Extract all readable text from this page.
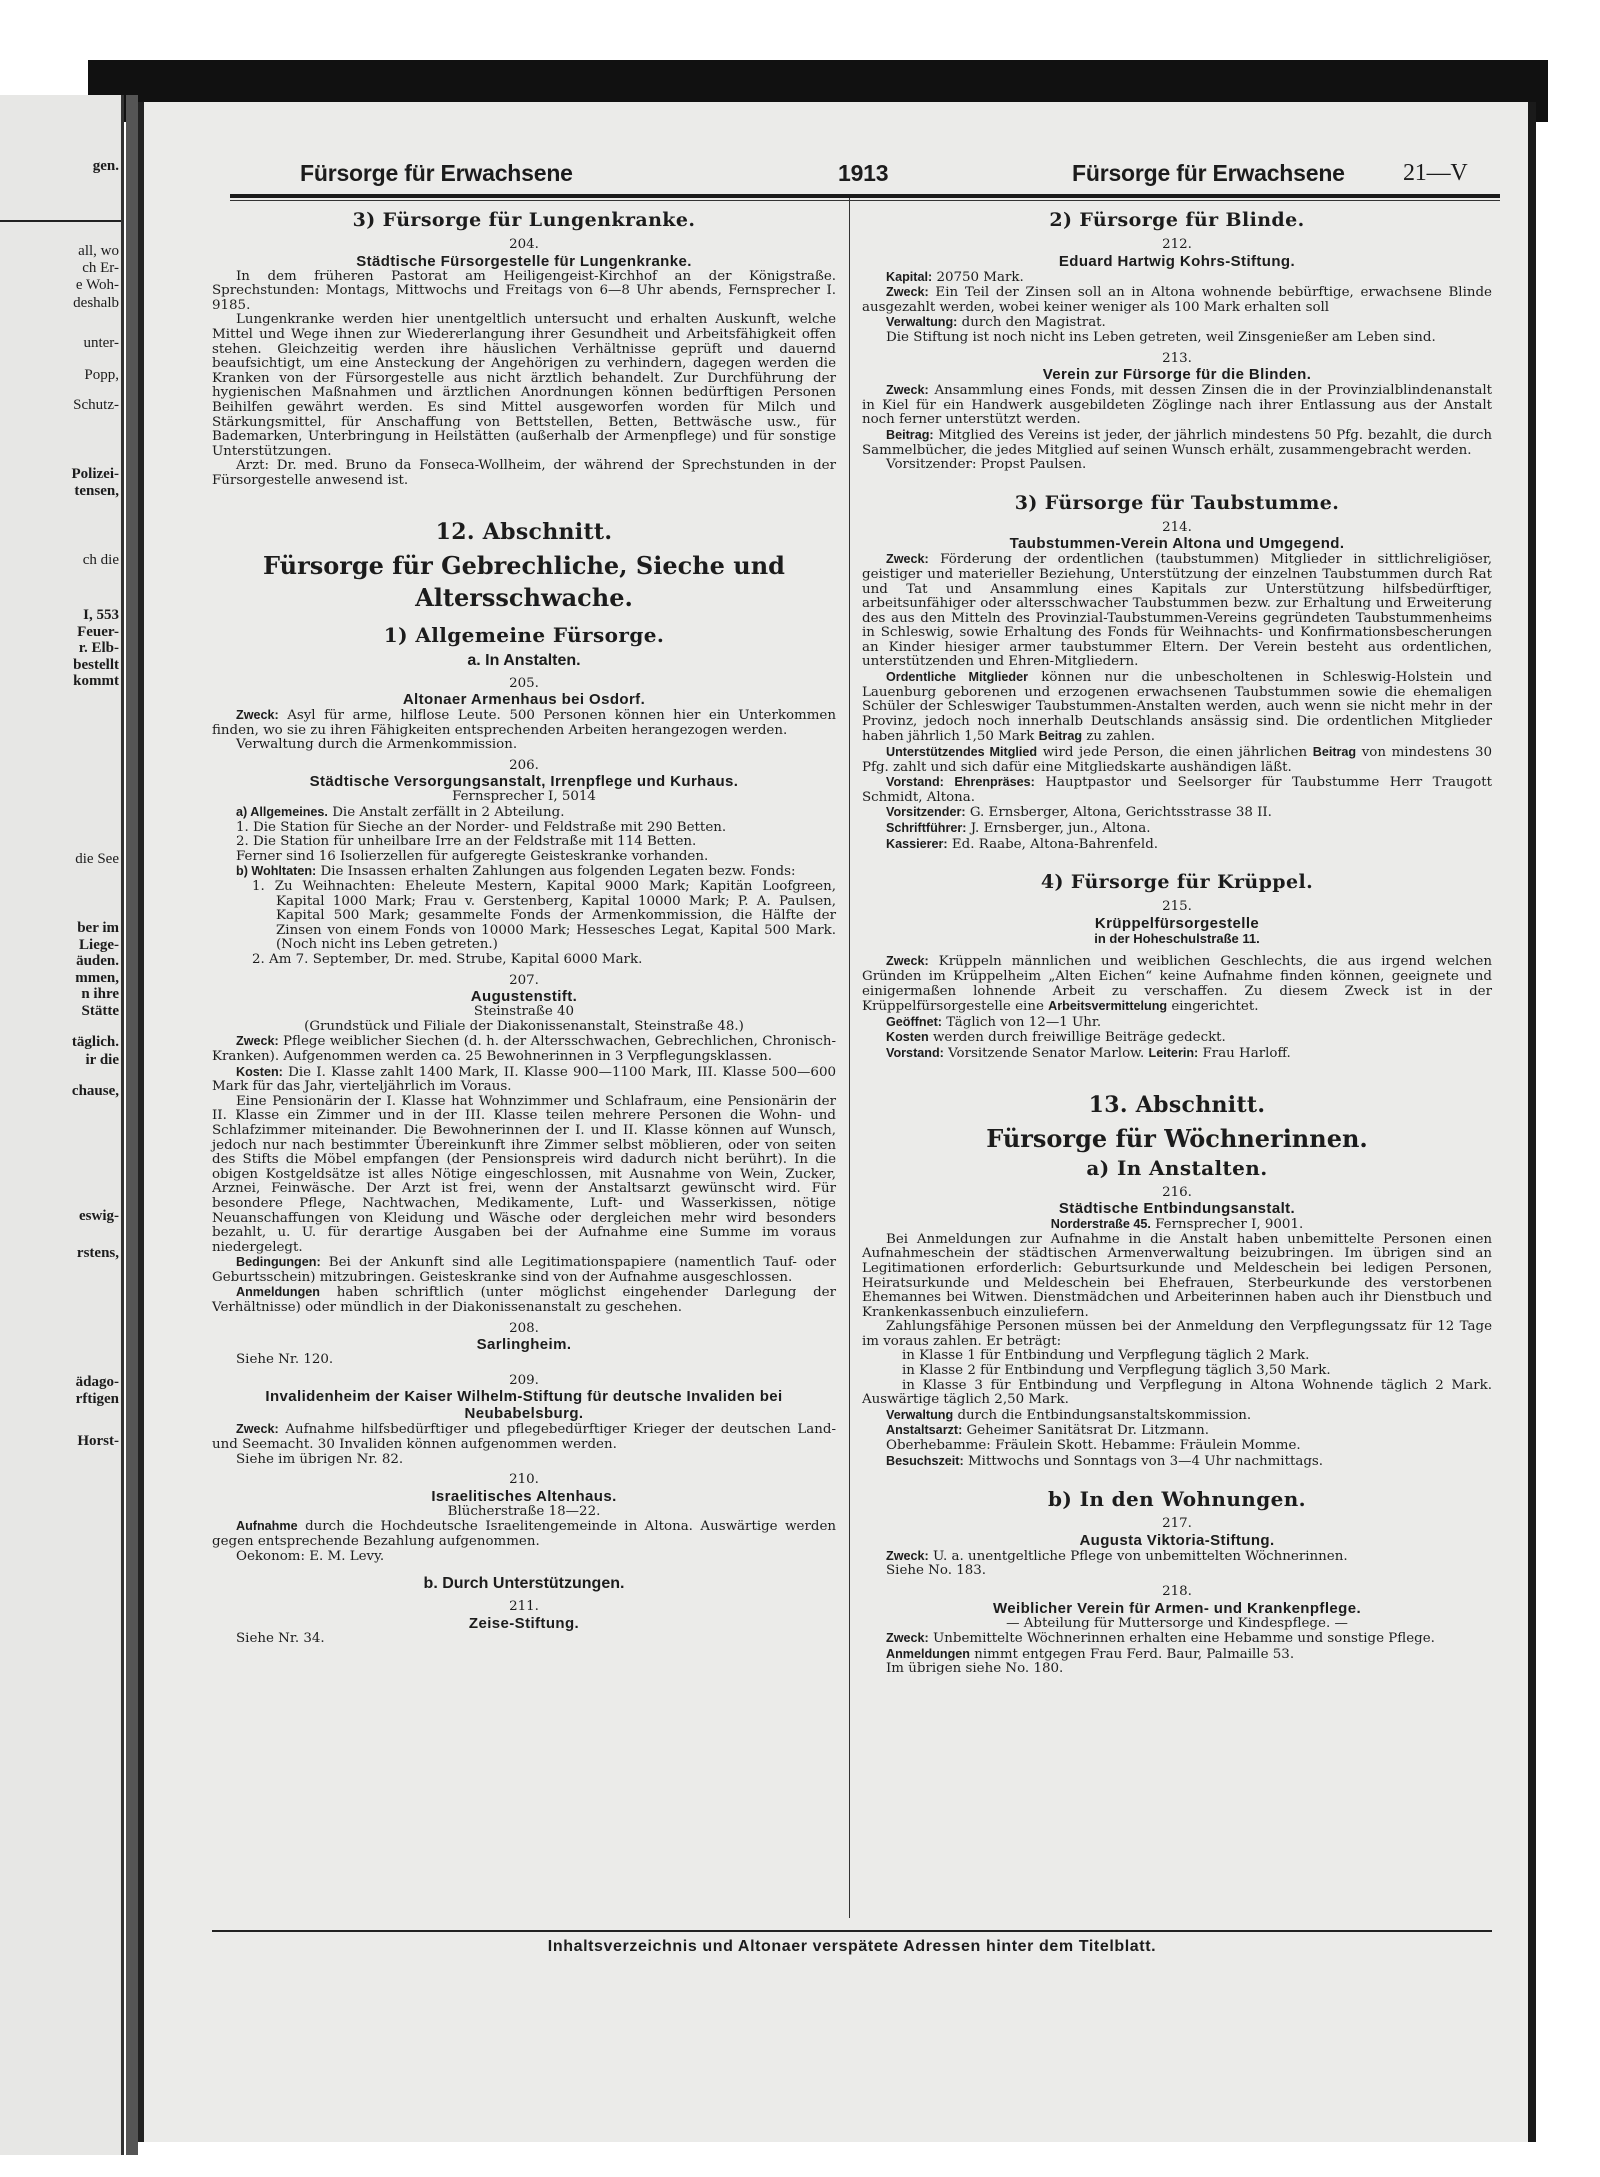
gen.
all, wo
ch Er-
e Woh-
deshalb
unter-
Popp,
Schutz-
Polizei-
tensen,
ch die
I, 553
Feuer-
r. Elb-
bestellt
kommt
die See
ber im
Liege-
äuden.
mmen,
n ihre
Stätte
täglich.
ir die
chause,
eswig-
rstens,
ädago-
rftigen
Horst-
Fürsorge für Erwachsene	1913	Fürsorge für Erwachsene 21—V
3) Fürsorge für Lungenkranke.
204.
Städtische Fürsorgestelle für Lungenkranke.

In dem früheren Pastorat am Heiligengeist-Kirchhof an der Königstraße. Sprechstunden: Montags, Mittwochs und Freitags von 6—8 Uhr abends, Fernsprecher I. 9185.

Lungenkranke werden hier unentgeltlich untersucht und erhalten Auskunft, welche Mittel und Wege ihnen zur Wiedererlangung ihrer Gesundheit und Arbeitsfähigkeit offen stehen. Gleichzeitig werden ihre häuslichen Verhältnisse geprüft und dauernd beaufsichtigt, um eine Ansteckung der Angehörigen zu verhindern, dagegen werden die Kranken von der Fürsorgestelle aus nicht ärztlich behandelt. Zur Durchführung der hygienischen Maßnahmen und ärztlichen Anordnungen können bedürftigen Personen Beihilfen gewährt werden. Es sind Mittel ausgeworfen worden für Milch und Stärkungsmittel, für Anschaffung von Bettstellen, Betten, Bettwäsche usw., für Bademarken, Unterbringung in Heilstätten (außerhalb der Armenpflege) und für sonstige Unterstützungen.

Arzt: Dr. med. Bruno da Fonseca-Wollheim, der während der Sprechstunden in der Fürsorgestelle anwesend ist.

12. Abschnitt.
Fürsorge für Gebrechliche, Sieche und
Altersschwache.
1) Allgemeine Fürsorge.
a. In Anstalten.
205.
Altonaer Armenhaus bei Osdorf.

Zweck: Asyl für arme, hilflose Leute. 500 Personen können hier ein Unterkommen finden, wo sie zu ihren Fähigkeiten entsprechenden Arbeiten herangezogen werden.

Verwaltung durch die Armenkommission.

206.
Städtische Versorgungsanstalt, Irrenpflege und Kurhaus.
Fernsprecher I, 5014

a) Allgemeines. Die Anstalt zerfällt in 2 Abteilung.

1. Die Station für Sieche an der Norder- und Feldstraße mit 290 Betten.

2. Die Station für unheilbare Irre an der Feldstraße mit 114 Betten.

Ferner sind 16 Isolierzellen für aufgeregte Geisteskranke vorhanden.

b) Wohltaten: Die Insassen erhalten Zahlungen aus folgenden Legaten bezw. Fonds:

1. Zu Weihnachten: Eheleute Mestern, Kapital 9000 Mark; Kapitän Loofgreen, Kapital 1000 Mark; Frau v. Gerstenberg, Kapital 10000 Mark; P. A. Paulsen, Kapital 500 Mark; gesammelte Fonds der Armenkommission, die Hälfte der Zinsen von einem Fonds von 10000 Mark; Hessesches Legat, Kapital 500 Mark. (Noch nicht ins Leben getreten.)

2. Am 7. September, Dr. med. Strube, Kapital 6000 Mark.

207.
Augustenstift.
Steinstraße 40
(Grundstück und Filiale der Diakonissenanstalt, Steinstraße 48.)

Zweck: Pflege weiblicher Siechen (d. h. der Altersschwachen, Gebrechlichen, Chronisch-Kranken). Aufgenommen werden ca. 25 Bewohnerinnen in 3 Verpflegungsklassen.

Kosten: Die I. Klasse zahlt 1400 Mark, II. Klasse 900—1100 Mark, III. Klasse 500—600 Mark für das Jahr, vierteljährlich im Voraus.

Eine Pensionärin der I. Klasse hat Wohnzimmer und Schlafraum, eine Pensionärin der II. Klasse ein Zimmer und in der III. Klasse teilen mehrere Personen die Wohn- und Schlafzimmer miteinander. Die Bewohnerinnen der I. und II. Klasse können auf Wunsch, jedoch nur nach bestimmter Übereinkunft ihre Zimmer selbst möblieren, oder von seiten des Stifts die Möbel empfangen (der Pensionspreis wird dadurch nicht berührt). In die obigen Kostgeldsätze ist alles Nötige eingeschlossen, mit Ausnahme von Wein, Zucker, Arznei, Feinwäsche. Der Arzt ist frei, wenn der Anstaltsarzt gewünscht wird. Für besondere Pflege, Nachtwachen, Medikamente, Luft- und Wasserkissen, nötige Neuanschaffungen von Kleidung und Wäsche oder dergleichen mehr wird besonders bezahlt, u. U. für derartige Ausgaben bei der Aufnahme eine Summe im voraus niedergelegt.

Bedingungen: Bei der Ankunft sind alle Legitimationspapiere (namentlich Tauf- oder Geburtsschein) mitzubringen. Geisteskranke sind von der Aufnahme ausgeschlossen.

Anmeldungen haben schriftlich (unter möglichst eingehender Darlegung der Verhältnisse) oder mündlich in der Diakonissenanstalt zu geschehen.

208.
Sarlingheim.

Siehe Nr. 120.

209.
Invalidenheim der Kaiser Wilhelm-Stiftung für deutsche Invaliden bei Neubabelsburg.

Zweck: Aufnahme hilfsbedürftiger und pflegebedürftiger Krieger der deutschen Land- und Seemacht. 30 Invaliden können aufgenommen werden.

Siehe im übrigen Nr. 82.

210.
Israelitisches Altenhaus.
Blücherstraße 18—22.

Aufnahme durch die Hochdeutsche Israelitengemeinde in Altona. Auswärtige werden gegen entsprechende Bezahlung aufgenommen.

Oekonom: E. M. Levy.

b. Durch Unterstützungen.
211.
Zeise-Stiftung.

Siehe Nr. 34.

2) Fürsorge für Blinde.
212.
Eduard Hartwig Kohrs-Stiftung.

Kapital: 20750 Mark.

Zweck: Ein Teil der Zinsen soll an in Altona wohnende bebürftige, erwachsene Blinde ausgezahlt werden, wobei keiner weniger als 100 Mark erhalten soll

Verwaltung: durch den Magistrat.

Die Stiftung ist noch nicht ins Leben getreten, weil Zinsgenießer am Leben sind.

213.
Verein zur Fürsorge für die Blinden.

Zweck: Ansammlung eines Fonds, mit dessen Zinsen die in der Provinzialblindenanstalt in Kiel für ein Handwerk ausgebildeten Zöglinge nach ihrer Entlassung aus der Anstalt noch ferner unterstützt werden.

Beitrag: Mitglied des Vereins ist jeder, der jährlich mindestens 50 Pfg. bezahlt, die durch Sammelbücher, die jedes Mitglied auf seinen Wunsch erhält, zusammengebracht werden.

Vorsitzender: Propst Paulsen.

3) Fürsorge für Taubstumme.
214.
Taubstummen-Verein Altona und Umgegend.

Zweck: Förderung der ordentlichen (taubstummen) Mitglieder in sittlichreligiöser, geistiger und materieller Beziehung, Unterstützung der einzelnen Taubstummen durch Rat und Tat und Ansammlung eines Kapitals zur Unterstützung hilfsbedürftiger, arbeitsunfähiger oder altersschwacher Taubstummen bezw. zur Erhaltung und Erweiterung des aus den Mitteln des Provinzial-Taubstummen-Vereins gegründeten Taubstummenheims in Schleswig, sowie Erhaltung des Fonds für Weihnachts- und Konfirmationsbescherungen an Kinder hiesiger armer taubstummer Eltern. Der Verein besteht aus ordentlichen, unterstützenden und Ehren-Mitgliedern.

Ordentliche Mitglieder können nur die unbescholtenen in Schleswig-Holstein und Lauenburg geborenen und erzogenen erwachsenen Taubstummen sowie die ehemaligen Schüler der Schleswiger Taubstummen-Anstalten werden, auch wenn sie nicht mehr in der Provinz, jedoch noch innerhalb Deutschlands ansässig sind. Die ordentlichen Mitglieder haben jährlich 1,50 Mark Beitrag zu zahlen.

Unterstützendes Mitglied wird jede Person, die einen jährlichen Beitrag von mindestens 30 Pfg. zahlt und sich dafür eine Mitgliedskarte aushändigen läßt.

Vorstand: Ehrenpräses: Hauptpastor und Seelsorger für Taubstumme Herr Traugott Schmidt, Altona.

Vorsitzender: G. Ernsberger, Altona, Gerichtsstrasse 38 II.

Schriftführer: J. Ernsberger, jun., Altona.

Kassierer: Ed. Raabe, Altona-Bahrenfeld.

4) Fürsorge für Krüppel.
215.
Krüppelfürsorgestelle
in der Hoheschulstraße 11.

Zweck: Krüppeln männlichen und weiblichen Geschlechts, die aus irgend welchen Gründen im Krüppelheim „Alten Eichen“ keine Aufnahme finden können, geeignete und einigermaßen lohnende Arbeit zu verschaffen. Zu diesem Zweck ist in der Krüppelfürsorgestelle eine Arbeitsvermittelung eingerichtet.

Geöffnet: Täglich von 12—1 Uhr.

Kosten werden durch freiwillige Beiträge gedeckt.

Vorstand: Vorsitzende Senator Marlow. Leiterin: Frau Harloff.

13. Abschnitt.
Fürsorge für Wöchnerinnen.
a) In Anstalten.
216.
Städtische Entbindungsanstalt.
Norderstraße 45. Fernsprecher I, 9001.

Bei Anmeldungen zur Aufnahme in die Anstalt haben unbemittelte Personen einen Aufnahmeschein der städtischen Armenverwaltung beizubringen. Im übrigen sind an Legitimationen erforderlich: Geburtsurkunde und Meldeschein bei ledigen Personen, Heiratsurkunde und Meldeschein bei Ehefrauen, Sterbeurkunde des verstorbenen Ehemannes bei Witwen. Dienstmädchen und Arbeiterinnen haben auch ihr Dienstbuch und Krankenkassenbuch einzuliefern.

Zahlungsfähige Personen müssen bei der Anmeldung den Verpflegungssatz für 12 Tage im voraus zahlen. Er beträgt:

in Klasse 1 für Entbindung und Verpflegung täglich 2 Mark.

in Klasse 2 für Entbindung und Verpflegung täglich 3,50 Mark.

in Klasse 3 für Entbindung und Verpflegung in Altona Wohnende täglich 2 Mark. Auswärtige täglich 2,50 Mark.

Verwaltung durch die Entbindungsanstaltskommission.

Anstaltsarzt: Geheimer Sanitätsrat Dr. Litzmann.

Oberhebamme: Fräulein Skott. Hebamme: Fräulein Momme.

Besuchszeit: Mittwochs und Sonntags von 3—4 Uhr nachmittags.

b) In den Wohnungen.
217.
Augusta Viktoria-Stiftung.

Zweck: U. a. unentgeltliche Pflege von unbemittelten Wöchnerinnen.

Siehe No. 183.

218.
Weiblicher Verein für Armen- und Krankenpflege.
— Abteilung für Muttersorge und Kindespflege. —

Zweck: Unbemittelte Wöchnerinnen erhalten eine Hebamme und sonstige Pflege.

Anmeldungen nimmt entgegen Frau Ferd. Baur, Palmaille 53.

Im übrigen siehe No. 180.

Inhaltsverzeichnis und Altonaer verspätete Adressen hinter dem Titelblatt.
